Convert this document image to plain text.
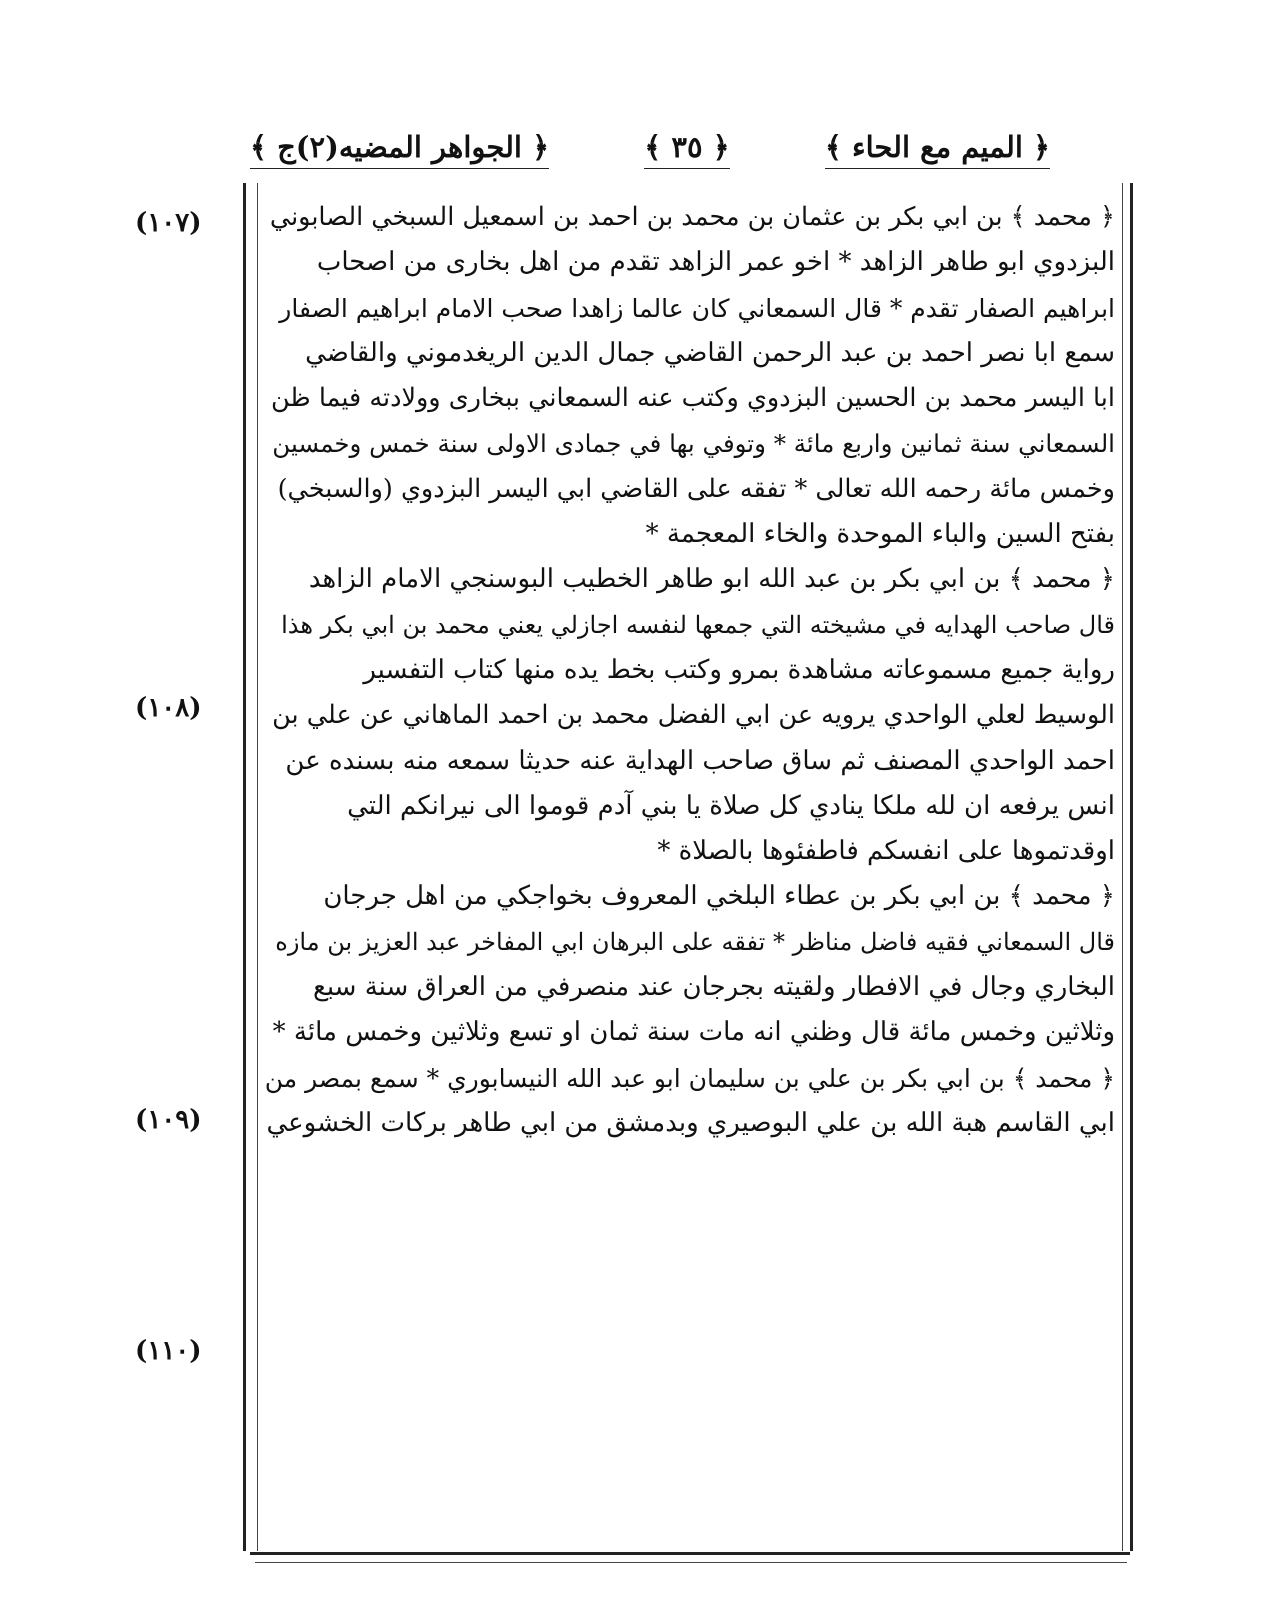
﴿ الميم مع الحاء ﴾
﴿ ٣٥ ﴾
﴿ الجواهر المضيه(٢)ج ﴾
(١٠٧)
(١٠٨)
(١٠٩)
(١١٠)
﴿ محمد ﴾ بن ابي بكر بن عثمان بن محمد بن احمد بن اسمعيل السبخي الصابوني
البزدوي ابو طاهر الزاهد * اخو عمر الزاهد تقدم من اهل بخارى من اصحاب
ابراهيم الصفار تقدم * قال السمعاني كان عالما زاهدا صحب الامام ابراهيم الصفار
سمع ابا نصر احمد بن عبد الرحمن القاضي جمال الدين الريغدموني والقاضي
ابا اليسر محمد بن الحسين البزدوي وكتب عنه السمعاني ببخارى وولادته فيما ظن
السمعاني سنة ثمانين واربع مائة * وتوفي بها في جمادى الاولى سنة خمس وخمسين
وخمس مائة رحمه الله تعالى * تفقه على القاضي ابي اليسر البزدوي (والسبخي)
بفتح السين والباء الموحدة والخاء المعجمة *
﴿ محمد ﴾ بن ابي بكر بن عبد الله ابو طاهر الخطيب البوسنجي الامام الزاهد
قال صاحب الهدايه في مشيخته التي جمعها لنفسه اجازلي يعني محمد بن ابي بكر هذا
رواية جميع مسموعاته مشاهدة بمرو وكتب بخط يده منها كتاب التفسير
الوسيط لعلي الواحدي يرويه عن ابي الفضل محمد بن احمد الماهاني عن علي بن
احمد الواحدي المصنف ثم ساق صاحب الهداية عنه حديثا سمعه منه بسنده عن
انس يرفعه ان لله ملكا ينادي كل صلاة يا بني آدم قوموا الى نيرانكم التي
اوقدتموها على انفسكم فاطفئوها بالصلاة *
﴿ محمد ﴾ بن ابي بكر بن عطاء البلخي المعروف بخواجكي من اهل جرجان
قال السمعاني فقيه فاضل مناظر * تفقه على البرهان ابي المفاخر عبد العزيز بن مازه
البخاري وجال في الافطار ولقيته بجرجان عند منصرفي من العراق سنة سبع
وثلاثين وخمس مائة قال وظني انه مات سنة ثمان او تسع وثلاثين وخمس مائة *
﴿ محمد ﴾ بن ابي بكر بن علي بن سليمان ابو عبد الله النيسابوري * سمع بمصر من
ابي القاسم هبة الله بن علي البوصيري وبدمشق من ابي طاهر بركات الخشوعي
